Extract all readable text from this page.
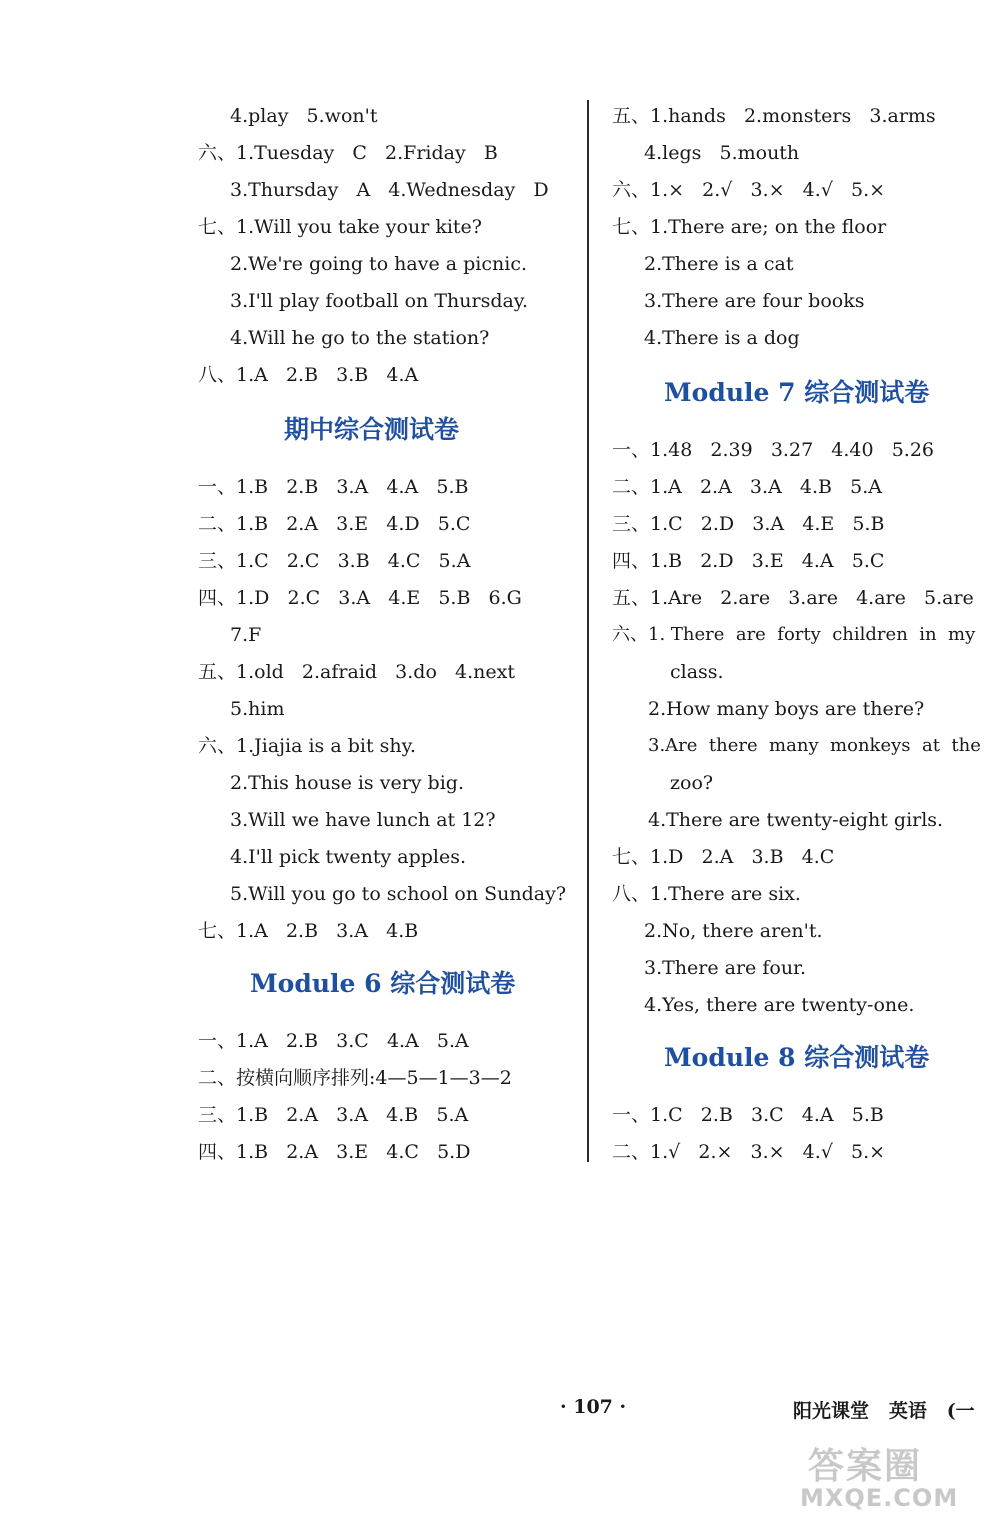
4.play   5.won't
六、1.Tuesday   C   2.Friday   B
3.Thursday   A   4.Wednesday   D
七、1.Will you take your kite?
2.We're going to have a picnic.
3.I'll play football on Thursday.
4.Will he go to the station?
八、1.A   2.B   3.B   4.A
期中综合测试卷
一、1.B   2.B   3.A   4.A   5.B
二、1.B   2.A   3.E   4.D   5.C
三、1.C   2.C   3.B   4.C   5.A
四、1.D   2.C   3.A   4.E   5.B   6.G
7.F
五、1.old   2.afraid   3.do   4.next
5.him
六、1.Jiajia is a bit shy.
2.This house is very big.
3.Will we have lunch at 12?
4.I'll pick twenty apples.
5.Will you go to school on Sunday?
七、1.A   2.B   3.A   4.B
Module 6 综合测试卷
一、1.A   2.B   3.C   4.A   5.A
二、按横向顺序排列:4—5—1—3—2
三、1.B   2.A   3.A   4.B   5.A
四、1.B   2.A   3.E   4.C   5.D
五、1.hands   2.monsters   3.arms
4.legs   5.mouth
六、1.×   2.√   3.×   4.√   5.×
七、1.There are; on the floor
2.There is a cat
3.There are four books
4.There is a dog
Module 7 综合测试卷
一、1.48   2.39   3.27   4.40   5.26
二、1.A   2.A   3.A   4.B   5.A
三、1.C   2.D   3.A   4.E   5.B
四、1.B   2.D   3.E   4.A   5.C
五、1.Are   2.are   3.are   4.are   5.are
六、1. There  are  forty  children  in  my
class.
2.How many boys are there?
3.Are  there  many  monkeys  at  the
zoo?
4.There are twenty-eight girls.
七、1.D   2.A   3.B   4.C
八、1.There are six.
2.No, there aren't.
3.There are four.
4.Yes, there are twenty-one.
Module 8 综合测试卷
一、1.C   2.B   3.C   4.A   5.B
二、1.√   2.×   3.×   4.√   5.×
· 107 ·	阳光课堂   英语   (一

答案圈

MXQE.COM
